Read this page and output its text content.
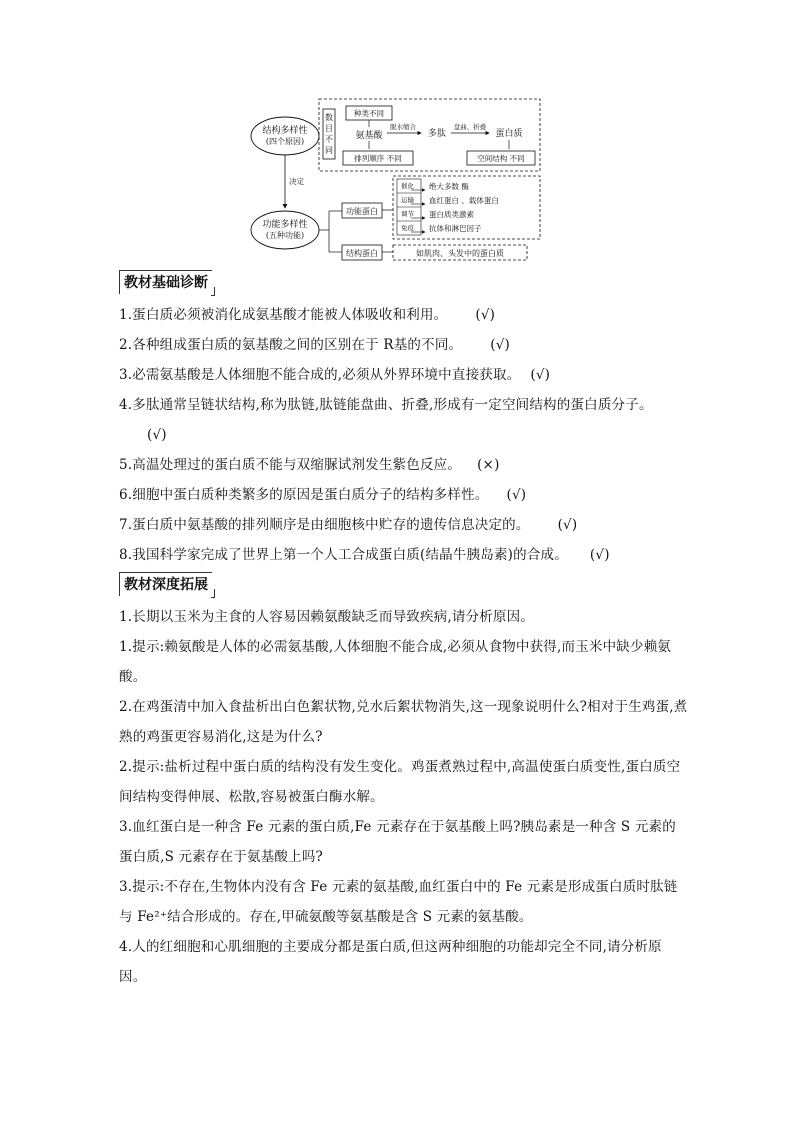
结构多样性
(四个原因)
数
目
不
同
种类不同
氨基酸
排列顺序 不同
脱水缩合
多肽
盘曲、折叠
蛋白质
空间结构 不同
决定
功能多样性
(五种功能)
功能蛋白
结构蛋白
催化 绝大多数 酶
运输 血红蛋白 、载体蛋白
调节 蛋白质类激素
免疫 抗体和淋巴因子
如肌肉、头发中的蛋白质
教材基础诊断
1.蛋白质必须被消化成氨基酸才能被人体吸收和利用。 (√)
2.各种组成蛋白质的氨基酸之间的区别在于 R基的不同。 (√)
3.必需氨基酸是人体细胞不能合成的,必须从外界环境中直接获取。 (√)
4.多肽通常呈链状结构,称为肽链,肽链能盘曲、折叠,形成有一定空间结构的蛋白质分子。
(√)
5.高温处理过的蛋白质不能与双缩脲试剂发生紫色反应。 (×)
6.细胞中蛋白质种类繁多的原因是蛋白质分子的结构多样性。 (√)
7.蛋白质中氨基酸的排列顺序是由细胞核中贮存的遗传信息决定的。 (√)
8.我国科学家完成了世界上第一个人工合成蛋白质(结晶牛胰岛素)的合成。 (√)
教材深度拓展
1.长期以玉米为主食的人容易因赖氨酸缺乏而导致疾病,请分析原因。
1.提示:赖氨酸是人体的必需氨基酸,人体细胞不能合成,必须从食物中获得,而玉米中缺少赖氨酸。
2.在鸡蛋清中加入食盐析出白色絮状物,兑水后絮状物消失,这一现象说明什么?相对于生鸡蛋,煮熟的鸡蛋更容易消化,这是为什么?
2.提示:盐析过程中蛋白质的结构没有发生变化。鸡蛋煮熟过程中,高温使蛋白质变性,蛋白质空间结构变得伸展、松散,容易被蛋白酶水解。
3.血红蛋白是一种含 Fe 元素的蛋白质,Fe 元素存在于氨基酸上吗?胰岛素是一种含 S 元素的蛋白质,S 元素存在于氨基酸上吗?
3.提示:不存在,生物体内没有含 Fe 元素的氨基酸,血红蛋白中的 Fe 元素是形成蛋白质时肽链与 Fe²⁺结合形成的。存在,甲硫氨酸等氨基酸是含 S 元素的氨基酸。
4.人的红细胞和心肌细胞的主要成分都是蛋白质,但这两种细胞的功能却完全不同,请分析原因。
